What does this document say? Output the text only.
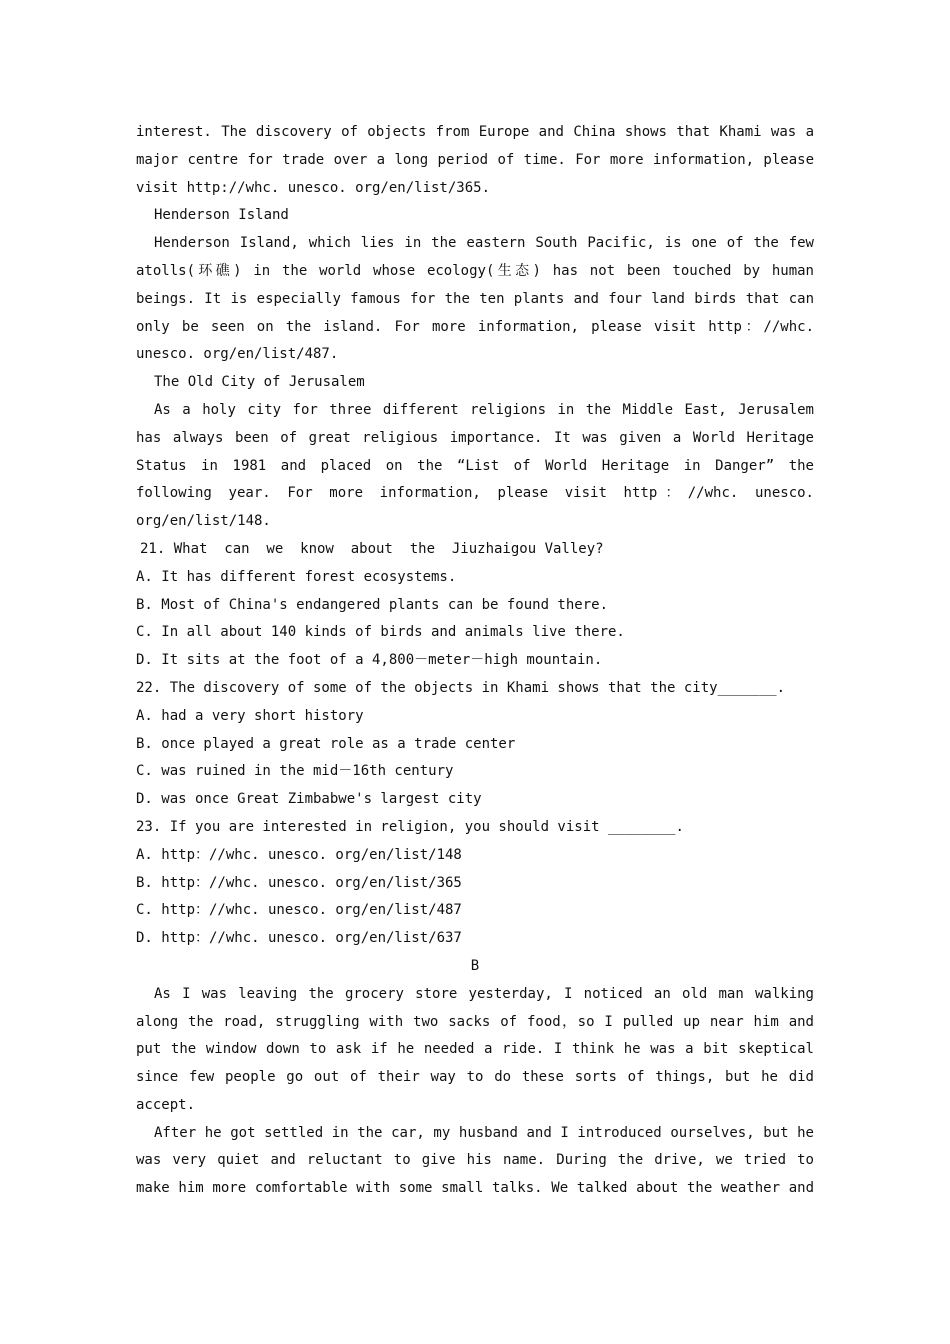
interest. The discovery of objects from Europe and China shows that Khami was a
major centre for trade over a long period of time. For more information, please
visit http://whc. unesco. org/en/list/365.
Henderson Island
Henderson Island, which lies in the eastern South Pacific, is one of the few
atolls(环礁) in the world whose ecology(生态) has not been touched by human
beings. It is especially famous for the ten plants and four land birds that can
only be seen on the island. For more information, please visit http：//whc.
unesco. org/en/list/487.
The Old City of Jerusalem
As a holy city for three different religions in the Middle East, Jerusalem
has always been of great religious importance. It was given a World Heritage
Status in 1981 and placed on the “List of World Heritage in Danger” the
following year. For more information, please visit http：//whc. unesco.
org/en/list/148.
21. What  can  we  know  about  the  Jiuzhaigou Valley?
A. It has different forest ecosystems.
B. Most of China's endangered plants can be found there.
C. In all about 140 kinds of birds and animals live there.
D. It sits at the foot of a 4,800－meter－high mountain.
22. The discovery of some of the objects in Khami shows that the city_______.
A. had a very short history
B. once played a great role as a trade center
C. was ruined in the mid－16th century
D. was once Great Zimbabwe's largest city
23. If you are interested in religion, you should visit ________.
A. http：//whc. unesco. org/en/list/148
B. http：//whc. unesco. org/en/list/365
C. http：//whc. unesco. org/en/list/487
D. http：//whc. unesco. org/en/list/637
B
As I was leaving the grocery store yesterday, I noticed an old man walking
along the road, struggling with two sacks of food，so I pulled up near him and
put the window down to ask if he needed a ride. I think he was a bit skeptical
since few people go out of their way to do these sorts of things, but he did
accept.
After he got settled in the car, my husband and I introduced ourselves, but he
was very quiet and reluctant to give his name. During the drive, we tried to
make him more comfortable with some small talks. We talked about the weather and
